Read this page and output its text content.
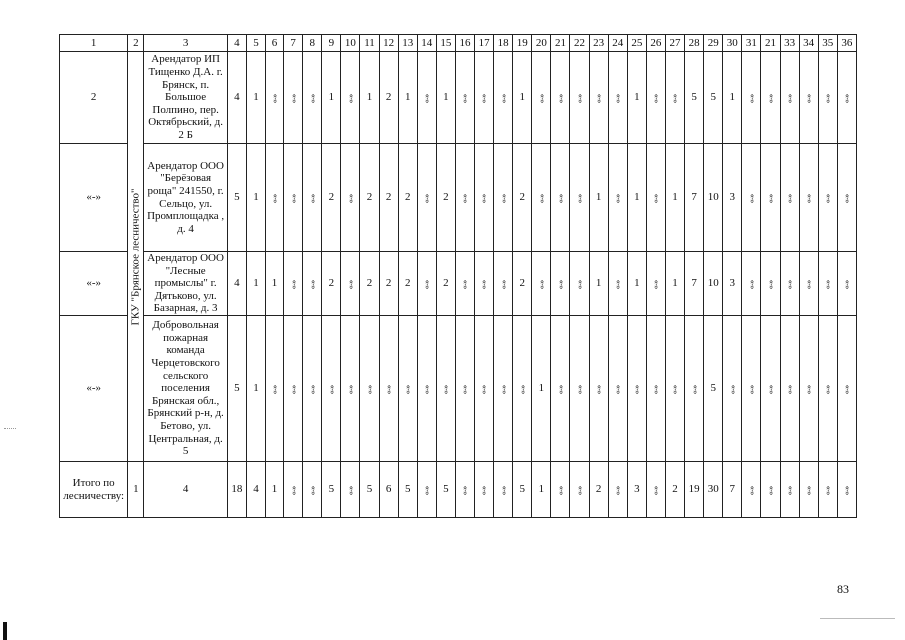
1	2	3	4	5	6	7	8	9	10	11	12	13	14	15	16	17	18	19	20	21	22	23	24	25	26	27	28	29	30	31	21	33	34	35	36
2	ГКУ "Брянское лесничество"	Арендатор ИП Тищенко Д.А. г. Брянск, п. Большое Полпино, пер. Октябрьский, д. 2 Б	4	1	«-»	«-»	«-»	1	«-»	1	2	1	«-»	1	«-»	«-»	«-»	1	«-»	«-»	«-»	«-»	«-»	1	«-»	«-»	5	5	1	«-»	«-»	«-»	«-»	«-»	«-»
«-»		Арендатор ООО "Берёзовая роща" 241550, г. Сельцо, ул. Промплощадка , д. 4	5	1	«-»	«-»	«-»	2	«-»	2	2	2	«-»	2	«-»	«-»	«-»	2	«-»	«-»	«-»	1	«-»	1	«-»	1	7	10	3	«-»	«-»	«-»	«-»	«-»	«-»
«-»		Арендатор ООО "Лесные промыслы" г. Дятьково, ул. Базарная, д. 3	4	1	1	«-»	«-»	2	«-»	2	2	2	«-»	2	«-»	«-»	«-»	2	«-»	«-»	«-»	1	«-»	1	«-»	1	7	10	3	«-»	«-»	«-»	«-»	«-»	«-»
«-»		Добровольная пожарная команда Черцетовского сельского поселения Брянская обл., Брянский р-н, д. Бетово, ул. Центральная, д. 5	5	1	«-»	«-»	«-»	«-»	«-»	«-»	«-»	«-»	«-»	«-»	«-»	«-»	«-»	«-»	1	«-»	«-»	«-»	«-»	«-»	«-»	«-»	«-»	5	«-»	«-»	«-»	«-»	«-»	«-»	«-»
Итого по лесничеству:	1	4	18	4	1	«-»	«-»	5	«-»	5	6	5	«-»	5	«-»	«-»	«-»	5	1	«-»	«-»	2	«-»	3	«-»	2	19	30	7	«-»	«-»	«-»	«-»	«-»	«-»
83
